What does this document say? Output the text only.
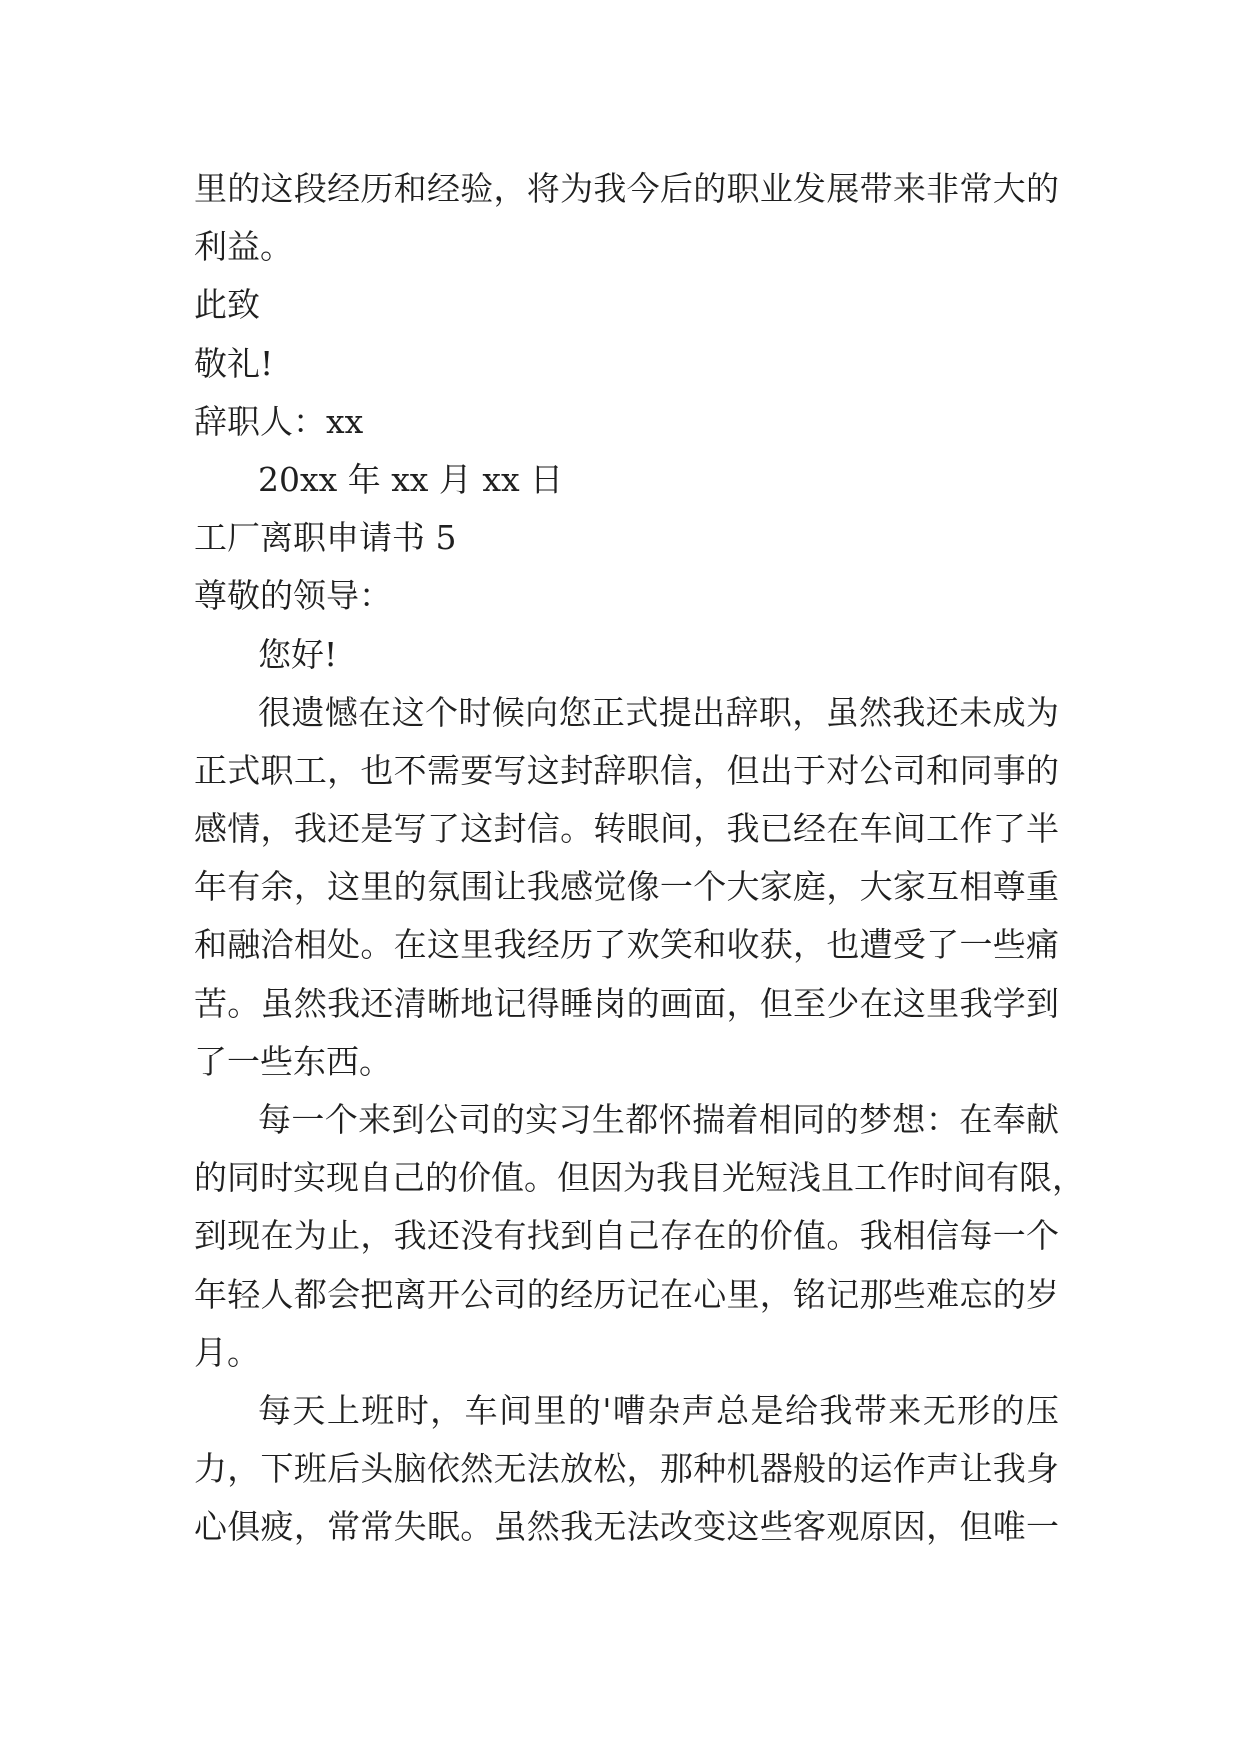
里的这段经历和经验，将为我今后的职业发展带来非常大的
利益。
此致
敬礼!
辞职人：xx
20xx 年 xx 月 xx 日
工厂离职申请书 5
尊敬的领导：
您好!
很遗憾在这个时候向您正式提出辞职，虽然我还未成为
正式职工，也不需要写这封辞职信，但出于对公司和同事的
感情，我还是写了这封信。转眼间，我已经在车间工作了半
年有余，这里的氛围让我感觉像一个大家庭，大家互相尊重
和融洽相处。在这里我经历了欢笑和收获，也遭受了一些痛
苦。虽然我还清晰地记得睡岗的画面，但至少在这里我学到
了一些东西。
每一个来到公司的实习生都怀揣着相同的梦想：在奉献
的同时实现自己的价值。但因为我目光短浅且工作时间有限，
到现在为止，我还没有找到自己存在的价值。我相信每一个
年轻人都会把离开公司的经历记在心里，铭记那些难忘的岁
月。
每天上班时，车间里的'嘈杂声总是给我带来无形的压
力，下班后头脑依然无法放松，那种机器般的运作声让我身
心俱疲，常常失眠。虽然我无法改变这些客观原因，但唯一
